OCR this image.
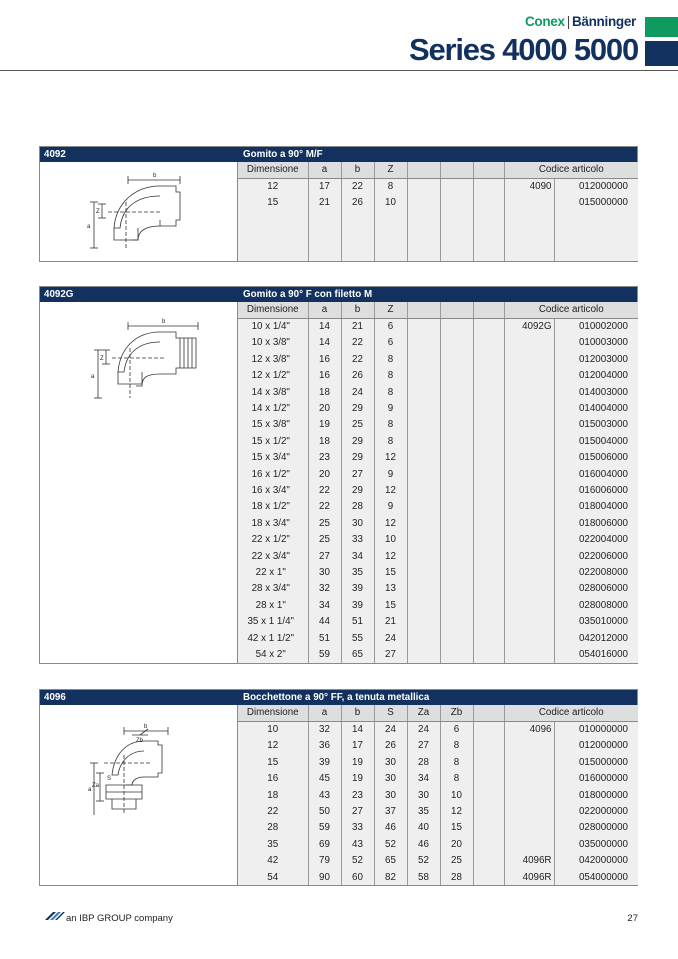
Conex | Bänninger
Series 4000 5000
4092	Gomito a 90° M/F
b
a
Z
Dimensione	a	b	Z				Codice articolo	
12	17	22	8				4090	012000000
15	21	26	10					015000000

4092G	Gomito a 90° F con filetto M
b
a
Z
Dimensione	a	b	Z				Codice articolo	
10 x 1/4"	14	21	6				4092G	010002000
10 x 3/8"	14	22	6					010003000
12 x 3/8"	16	22	8					012003000
12 x 1/2"	16	26	8					012004000
14 x 3/8"	18	24	8					014003000
14 x 1/2"	20	29	9					014004000
15 x 3/8"	19	25	8					015003000
15 x 1/2"	18	29	8					015004000
15 x 3/4"	23	29	12					015006000
16 x 1/2"	20	27	9					016004000
16 x 3/4"	22	29	12					016006000
18 x 1/2"	22	28	9					018004000
18 x 3/4"	25	30	12					018006000
22 x 1/2"	25	33	10					022004000
22 x 3/4"	27	34	12					022006000
22 x 1"	30	35	15					022008000
28 x 3/4"	32	39	13					028006000
28 x 1"	34	39	15					028008000
35 x 1 1/4"	44	51	21					035010000
42 x 1 1/2"	51	55	24					042012000
54 x 2"	59	65	27					054016000
4096	Bocchettone a 90° FF, a tenuta metallica
b
Zb
a
S
Za
Dimensione	a	b	S	Za	Zb		Codice articolo	
10	32	14	24	24	6		4096	010000000
12	36	17	26	27	8			012000000
15	39	19	30	28	8			015000000
16	45	19	30	34	8			016000000
18	43	23	30	30	10			018000000
22	50	27	37	35	12			022000000
28	59	33	46	40	15			028000000
35	69	43	52	46	20			035000000
42	79	52	65	52	25		4096R	042000000
54	90	60	82	58	28		4096R	054000000
an IBP GROUP company	27
